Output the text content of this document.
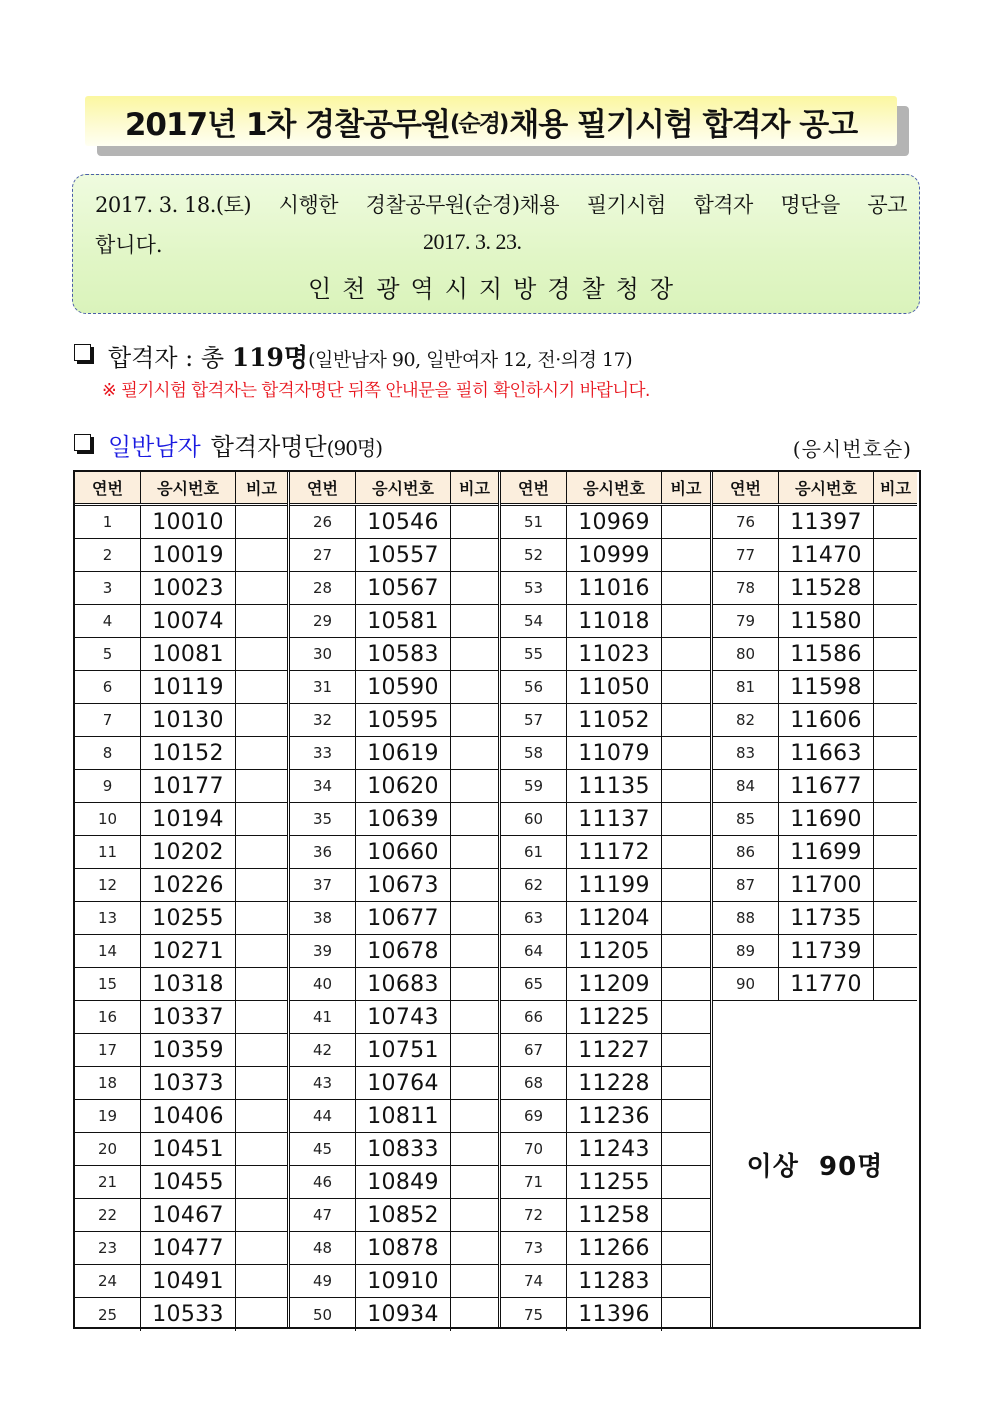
2017년 1차 경찰공무원 (순경) 채용 필기시험 합격자 공고
2017. 3. 18.(토) 시행한 경찰공무원(순경)채용 필기시험 합격자 명단을 공고
합니다.	2017. 3. 23.
인천광역시지방경찰청장
합격자 : 총 119명(일반남자 90, 일반여자 12, 전·의경 17)
※ 필기시험 합격자는 합격자명단 뒤쪽 안내문을 필히 확인하시기 바랍니다.
일반남자 합격자명단(90명)	(응시번호순)
연번	응시번호	비고
1	10010
2	10019
3	10023
4	10074
5	10081
6	10119
7	10130
8	10152
9	10177
10	10194
11	10202
12	10226
13	10255
14	10271
15	10318
16	10337
17	10359
18	10373
19	10406
20	10451
21	10455
22	10467
23	10477
24	10491
25	10533
연번	응시번호	비고
26	10546
27	10557
28	10567
29	10581
30	10583
31	10590
32	10595
33	10619
34	10620
35	10639
36	10660
37	10673
38	10677
39	10678
40	10683
41	10743
42	10751
43	10764
44	10811
45	10833
46	10849
47	10852
48	10878
49	10910
50	10934
연번	응시번호	비고
51	10969
52	10999
53	11016
54	11018
55	11023
56	11050
57	11052
58	11079
59	11135
60	11137
61	11172
62	11199
63	11204
64	11205
65	11209
66	11225
67	11227
68	11228
69	11236
70	11243
71	11255
72	11258
73	11266
74	11283
75	11396
연번	응시번호	비고
76	11397
77	11470
78	11528
79	11580
80	11586
81	11598
82	11606
83	11663
84	11677
85	11690
86	11699
87	11700
88	11735
89	11739
90	11770
이상  90명
